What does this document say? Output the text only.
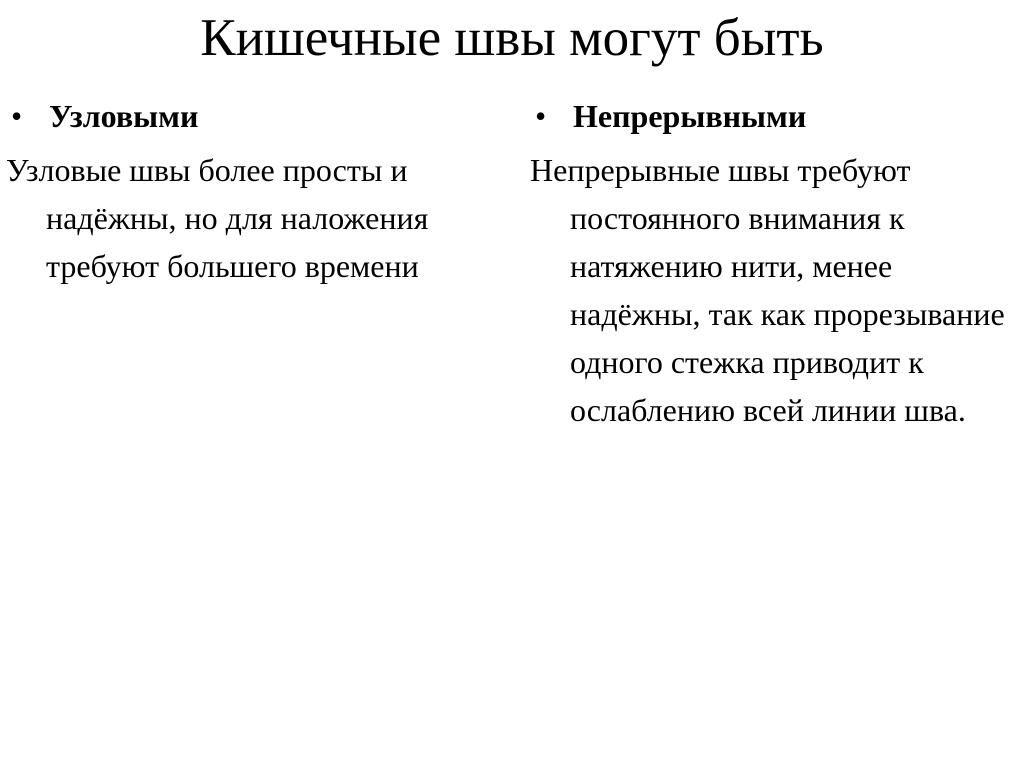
Кишечные швы могут быть
• Узловыми

Узловые швы более просты и надёжны, но для наложения требуют большего времени

• Непрерывными

Непрерывные швы требуют постоянного внимания к натяжению нити, менее надёжны, так как прорезывание одного стежка приводит к ослаблению всей линии шва.
